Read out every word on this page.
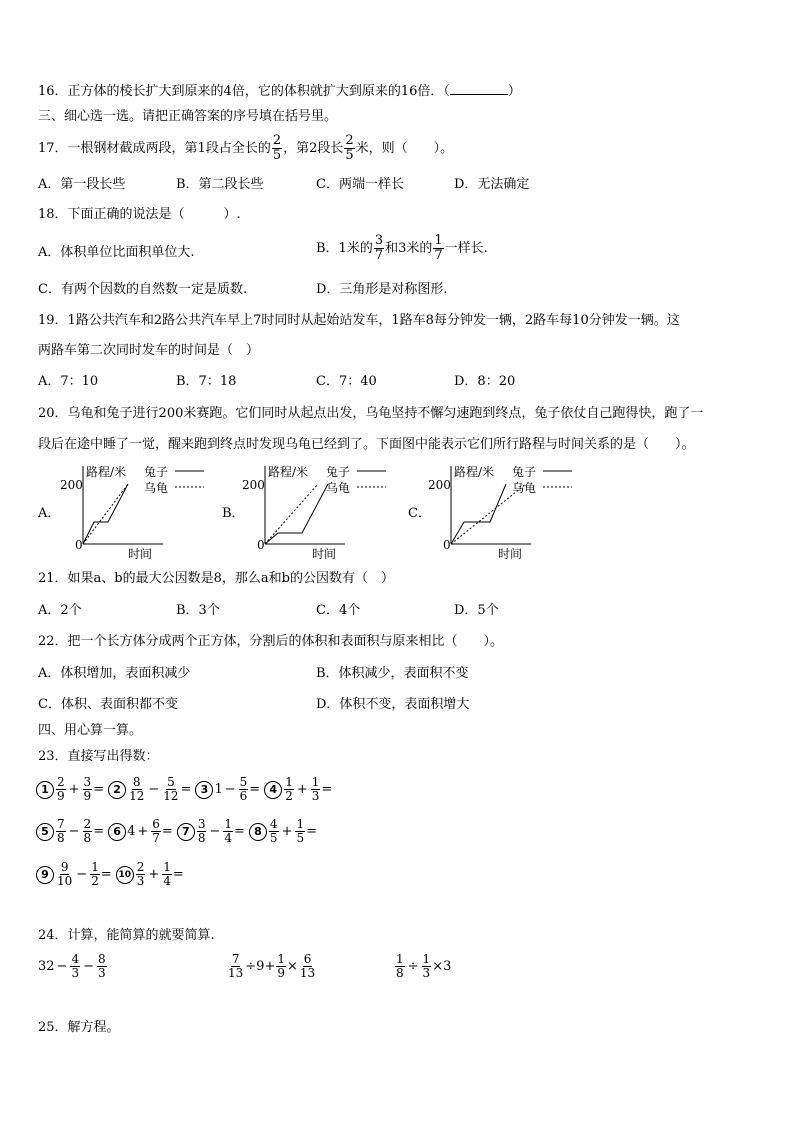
16．正方体的棱长扩大到原来的4倍，它的体积就扩大到原来的16倍．（	）
三、细心选一选。请把正确答案的序号填在括号里。
17．一根钢材截成两段，第1段占全长的 $\frac{2}{5}$ ，第2段长 $\frac{2}{5}$ 米，则（　　）。
A．第一段长些	B．第二段长些	C．两端一样长	D．无法确定
18．下面正确的说法是（　　　）.
A．体积单位比面积单位大.	B．1米的 $\frac{3}{7}$ 和3米的 $\frac{1}{7}$ 一样长.
C．有两个因数的自然数一定是质数.	D．三角形是对称图形.
19．1路公共汽车和2路公共汽车早上7时同时从起始站发车，1路车8每分钟发一辆，2路车每10分钟发一辆。这
两路车第二次同时发车的时间是（　）
A．7：10	B．7：18	C．7：40	D．8：20
20．乌龟和兔子进行200米赛跑。它们同时从起点出发，乌龟坚持不懈匀速跑到终点，兔子依仗自己跑得快，跑了一
段后在途中睡了一觉，醒来跑到终点时发现乌龟已经到了。下面图中能表示它们所行路程与时间关系的是（　　）。
A．
路程/米
200
0
时间
兔子
乌龟
B．
路程/米
200
0
时间
兔子
乌龟
C．
路程/米
200
0
时间
兔子
乌龟
21．如果a、b的最大公因数是8，那么a和b的公因数有（　）
A．2个	B．3个	C．4个	D．5个
22．把一个长方体分成两个正方体，分割后的体积和表面积与原来相比（　　）。
A．体积增加，表面积减少	B．体积减少，表面积不变
C．体积、表面积都不变	D．体积不变，表面积增大
四、用心算一算。
23．直接写出得数：
$1 \frac{2}{9} + \frac{3}{9} = 2 \frac{8}{12} - \frac{5}{12} = 3$ $1 - \frac{5}{6} = 4 \frac{1}{2} + \frac{1}{3}$ =
$5 \frac{7}{8} - \frac{2}{8} = 6$ $4 + \frac{6}{7} = 7 \frac{3}{8} - \frac{1}{4} = 8 \frac{4}{5} + \frac{1}{5}$ =
$9 \frac{9}{10} - \frac{1}{2} = 10 \frac{2}{3} + \frac{1}{4}$ =
24．计算，能简算的就要简算.
$32 - \frac{4}{3} - \frac{8}{3}$	$\frac{7}{13} \div 9+ \frac{1}{9} \times \frac{6}{13}$	$\frac{1}{8} \div \frac{1}{3} \times 3$
25．解方程。
